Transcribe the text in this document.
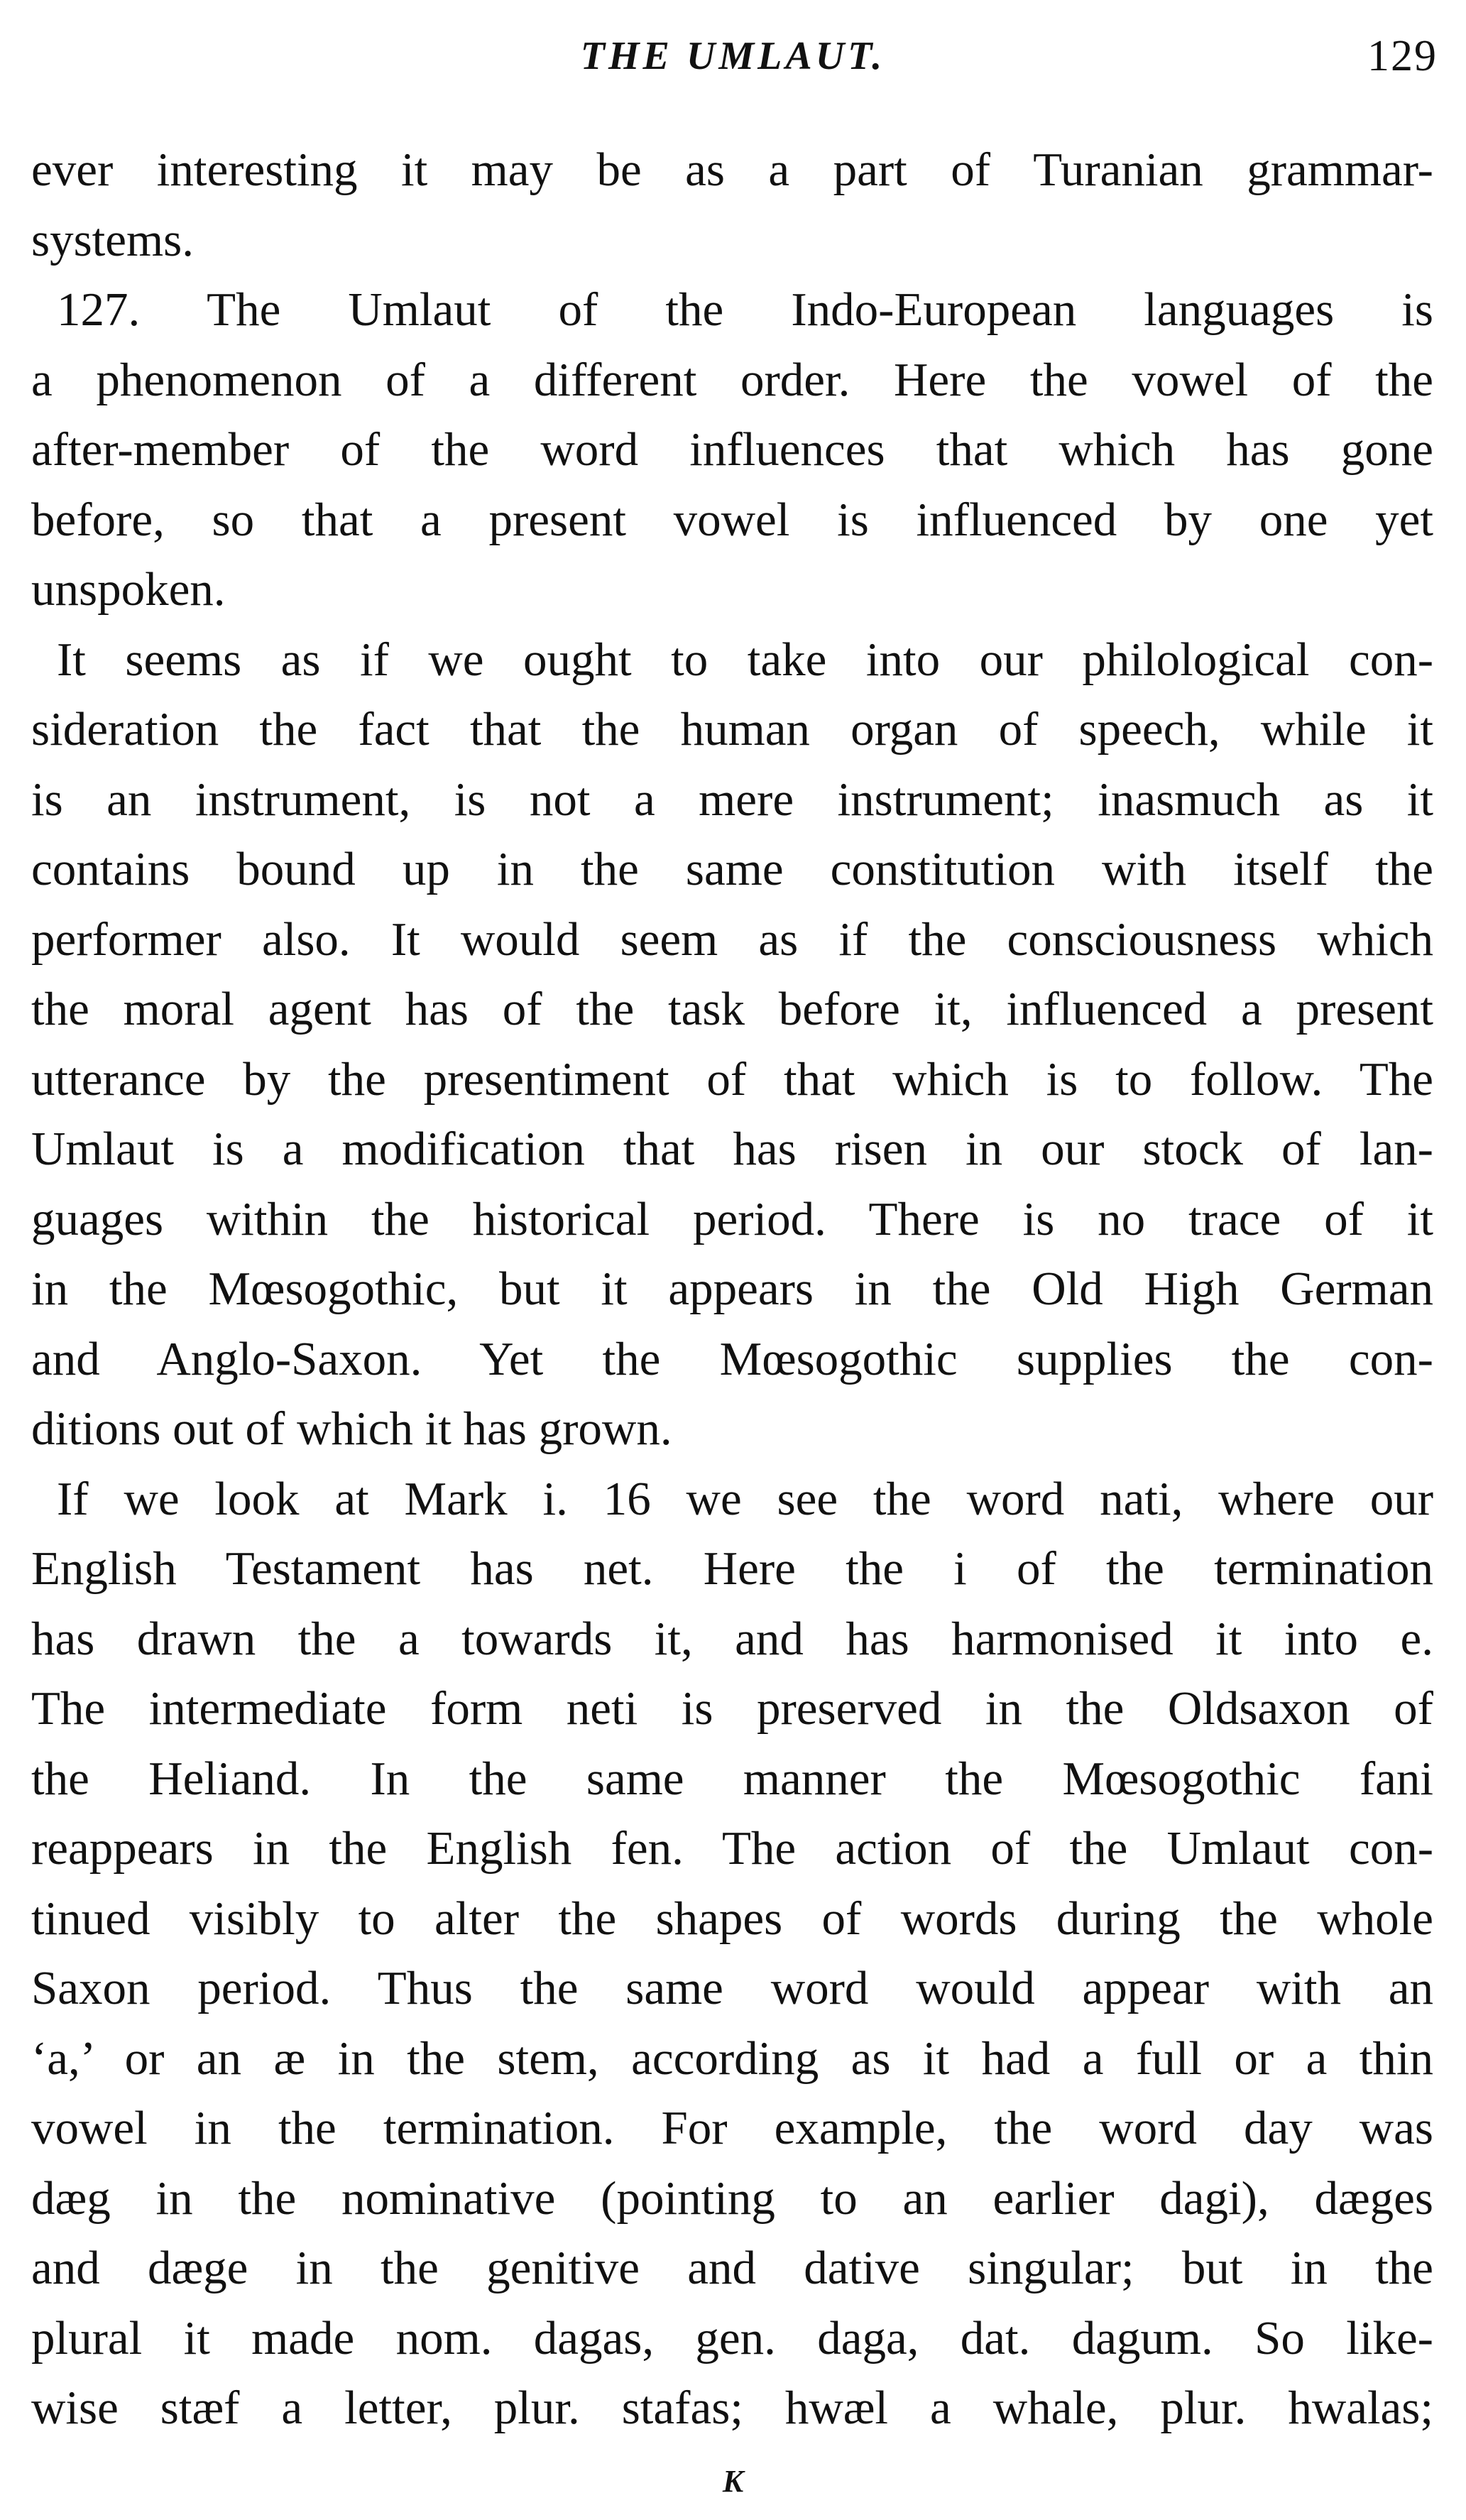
THE UMLAUT.	129
ever interesting it may be as a part of Turanian grammar-
systems.
127. The Umlaut of the Indo-European languages is
a phenomenon of a different order. Here the vowel of the
after-member of the word influences that which has gone
before, so that a present vowel is influenced by one yet
unspoken.
It seems as if we ought to take into our philological con-
sideration the fact that the human organ of speech, while it
is an instrument, is not a mere instrument; inasmuch as it
contains bound up in the same constitution with itself the
performer also. It would seem as if the consciousness which
the moral agent has of the task before it, influenced a present
utterance by the presentiment of that which is to follow. The
Umlaut is a modification that has risen in our stock of lan-
guages within the historical period. There is no trace of it
in the Mœsogothic, but it appears in the Old High German
and Anglo-Saxon. Yet the Mœsogothic supplies the con-
ditions out of which it has grown.
If we look at Mark i. 16 we see the word nati, where our
English Testament has net. Here the i of the termination
has drawn the a towards it, and has harmonised it into e.
The intermediate form neti is preserved in the Oldsaxon of
the Heliand. In the same manner the Mœsogothic fani
reappears in the English fen. The action of the Umlaut con-
tinued visibly to alter the shapes of words during the whole
Saxon period. Thus the same word would appear with an
‘a,’ or an æ in the stem, according as it had a full or a thin
vowel in the termination. For example, the word day was
dæg in the nominative (pointing to an earlier dagi), dæges
and dæge in the genitive and dative singular; but in the
plural it made nom. dagas, gen. daga, dat. dagum. So like-
wise stæf a letter, plur. stafas; hwæl a whale, plur. hwalas;
K
